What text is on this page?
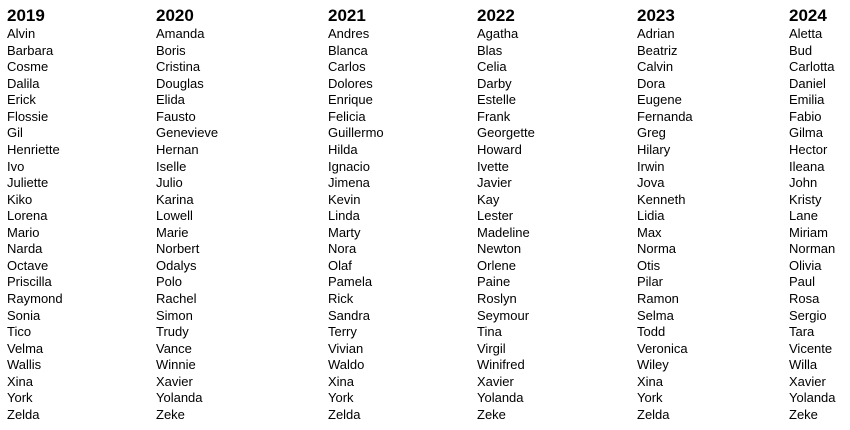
2019
Alvin
Barbara
Cosme
Dalila
Erick
Flossie
Gil
Henriette
Ivo
Juliette
Kiko
Lorena
Mario
Narda
Octave
Priscilla
Raymond
Sonia
Tico
Velma
Wallis
Xina
York
Zelda
2020
Amanda
Boris
Cristina
Douglas
Elida
Fausto
Genevieve
Hernan
Iselle
Julio
Karina
Lowell
Marie
Norbert
Odalys
Polo
Rachel
Simon
Trudy
Vance
Winnie
Xavier
Yolanda
Zeke
2021
Andres
Blanca
Carlos
Dolores
Enrique
Felicia
Guillermo
Hilda
Ignacio
Jimena
Kevin
Linda
Marty
Nora
Olaf
Pamela
Rick
Sandra
Terry
Vivian
Waldo
Xina
York
Zelda
2022
Agatha
Blas
Celia
Darby
Estelle
Frank
Georgette
Howard
Ivette
Javier
Kay
Lester
Madeline
Newton
Orlene
Paine
Roslyn
Seymour
Tina
Virgil
Winifred
Xavier
Yolanda
Zeke
2023
Adrian
Beatriz
Calvin
Dora
Eugene
Fernanda
Greg
Hilary
Irwin
Jova
Kenneth
Lidia
Max
Norma
Otis
Pilar
Ramon
Selma
Todd
Veronica
Wiley
Xina
York
Zelda
2024
Aletta
Bud
Carlotta
Daniel
Emilia
Fabio
Gilma
Hector
Ileana
John
Kristy
Lane
Miriam
Norman
Olivia
Paul
Rosa
Sergio
Tara
Vicente
Willa
Xavier
Yolanda
Zeke
